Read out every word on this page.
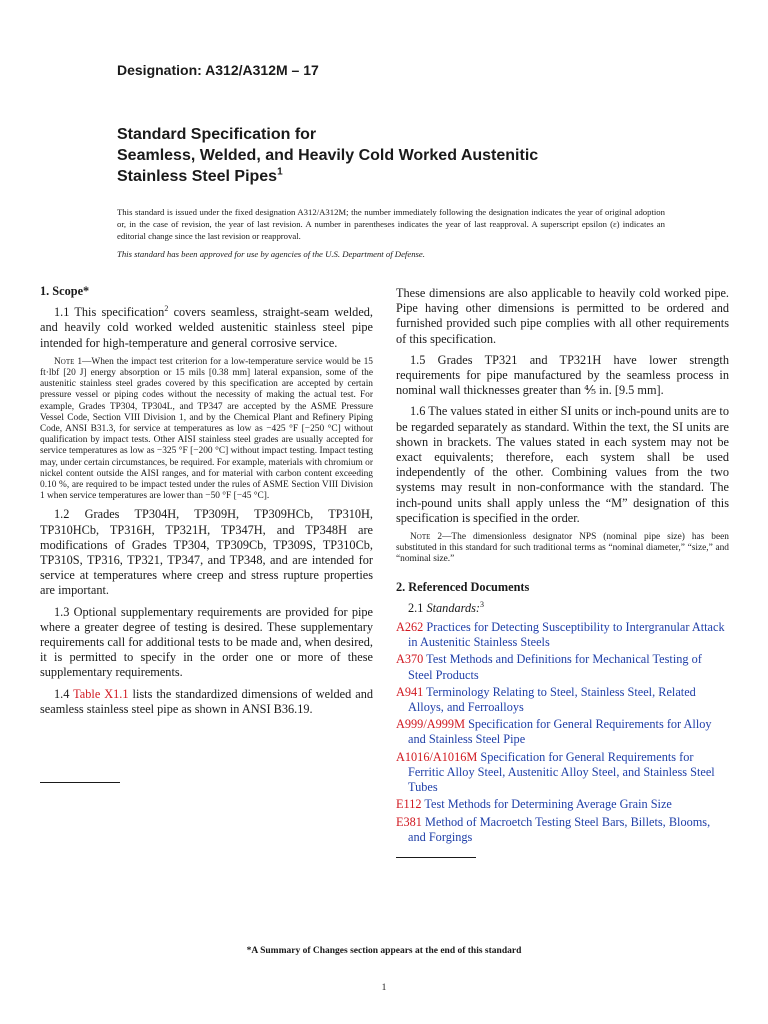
Designation: A312/A312M – 17
Standard Specification for
Seamless, Welded, and Heavily Cold Worked Austenitic
Stainless Steel Pipes$^1$
This standard is issued under the fixed designation A312/A312M; the number immediately following the designation indicates the year of original adoption or, in the case of revision, the year of last revision. A number in parentheses indicates the year of last reapproval. A superscript epsilon (ε) indicates an editorial change since the last revision or reapproval.
This standard has been approved for use by agencies of the U.S. Department of Defense.
1. Scope*

1.1 This specification$^2$ covers seamless, straight-seam welded, and heavily cold worked welded austenitic stainless steel pipe intended for high-temperature and general corrosive service.

Note 1—When the impact test criterion for a low-temperature service would be 15 ft·lbf [20 J] energy absorption or 15 mils [0.38 mm] lateral expansion, some of the austenitic stainless steel grades covered by this specification are accepted by certain pressure vessel or piping codes without the necessity of making the actual test. For example, Grades TP304, TP304L, and TP347 are accepted by the ASME Pressure Vessel Code, Section VIII Division 1, and by the Chemical Plant and Refinery Piping Code, ANSI B31.3, for service at temperatures as low as −425 °F [−250 °C] without qualification by impact tests. Other AISI stainless steel grades are usually accepted for service temperatures as low as −325 °F [−200 °C] without impact testing. Impact testing may, under certain circumstances, be required. For example, materials with chromium or nickel content outside the AISI ranges, and for material with carbon content exceeding 0.10 %, are required to be impact tested under the rules of ASME Section VIII Division 1 when service temperatures are lower than −50 °F [−45 °C].

1.2 Grades TP304H, TP309H, TP309HCb, TP310H, TP310HCb, TP316H, TP321H, TP347H, and TP348H are modifications of Grades TP304, TP309Cb, TP309S, TP310Cb, TP310S, TP316, TP321, TP347, and TP348, and are intended for service at temperatures where creep and stress rupture properties are important.

1.3 Optional supplementary requirements are provided for pipe where a greater degree of testing is desired. These supplementary requirements call for additional tests to be made and, when desired, it is permitted to specify in the order one or more of these supplementary requirements.

1.4 Table X1.1 lists the standardized dimensions of welded and seamless stainless steel pipe as shown in ANSI B36.19.

These dimensions are also applicable to heavily cold worked pipe. Pipe having other dimensions is permitted to be ordered and furnished provided such pipe complies with all other requirements of this specification.

1.5 Grades TP321 and TP321H have lower strength requirements for pipe manufactured by the seamless process in nominal wall thicknesses greater than ⅘ in. [9.5 mm].

1.6 The values stated in either SI units or inch-pound units are to be regarded separately as standard. Within the text, the SI units are shown in brackets. The values stated in each system may not be exact equivalents; therefore, each system shall be used independently of the other. Combining values from the two systems may result in non-conformance with the standard. The inch-pound units shall apply unless the “M” designation of this specification is specified in the order.

Note 2—The dimensionless designator NPS (nominal pipe size) has been substituted in this standard for such traditional terms as “nominal diameter,” “size,” and “nominal size.”

2. Referenced Documents

2.1 Standards:$^3$

A262 Practices for Detecting Susceptibility to Intergranular Attack in Austenitic Stainless Steels

A370 Test Methods and Definitions for Mechanical Testing of Steel Products

A941 Terminology Relating to Steel, Stainless Steel, Related Alloys, and Ferroalloys

A999/A999M Specification for General Requirements for Alloy and Stainless Steel Pipe

A1016/A1016M Specification for General Requirements for Ferritic Alloy Steel, Austenitic Alloy Steel, and Stainless Steel Tubes

E112 Test Methods for Determining Average Grain Size

E381 Method of Macroetch Testing Steel Bars, Billets, Blooms, and Forgings

*A Summary of Changes section appears at the end of this standard
1
